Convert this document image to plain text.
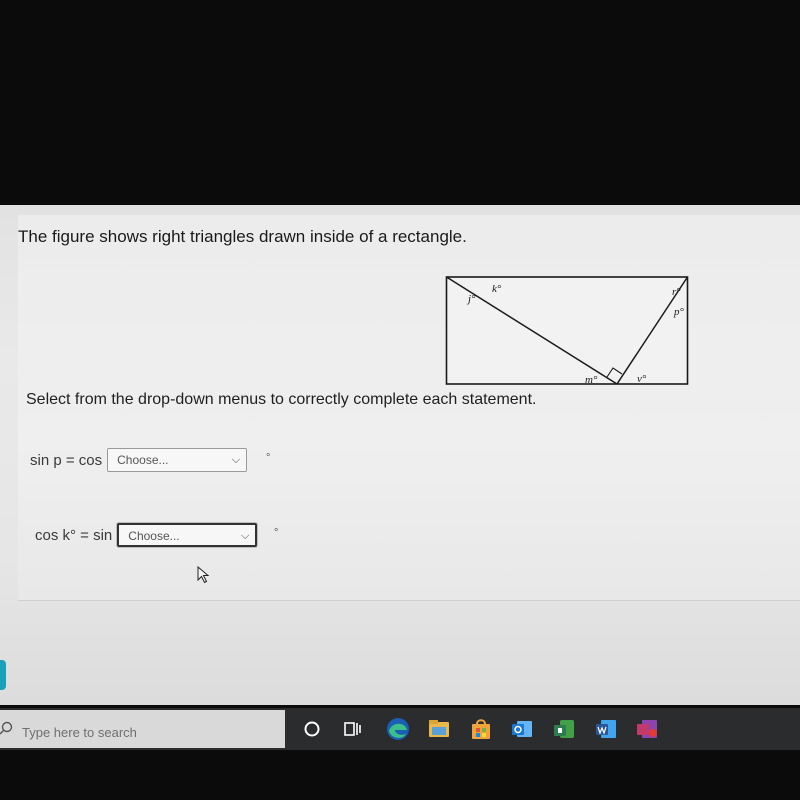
The figure shows right triangles drawn inside of a rectangle.
j°
k°	r°
p°
m°	v°
Select from the drop-down menus to correctly complete each statement.
sin p = cos	Choose...	⌵ °
cos k° = sin	Choose...	⌵ °
Type here to search
